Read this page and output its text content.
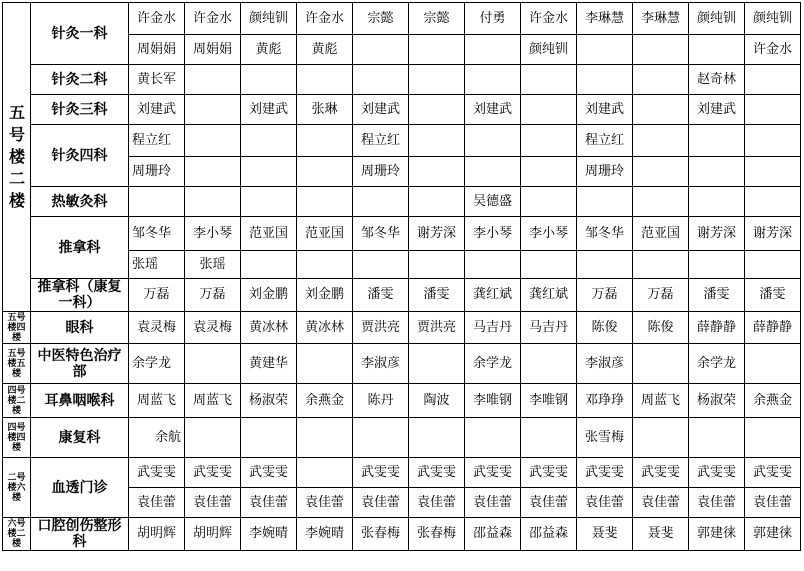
五号楼二楼	针灸一科	许金水	许金水	颜纯钏	许金水	宗懿	宗懿	付勇	许金水	李琳慧	李琳慧	颜纯钏	颜纯钏
		周娟娟	周娟娟	黄彪	黄彪				颜纯钏				许金水
	针灸二科	黄长军										赵奇林	
	针灸三科	刘建武		刘建武	张琳	刘建武		刘建武		刘建武		刘建武	
	针灸四科	程立红				程立红				程立红			
		周珊玲				周珊玲				周珊玲			
	热敏灸科							吴德盛					
	推拿科	邹冬华	李小琴	范亚国	范亚国	邹冬华	谢芳深	李小琴	李小琴	邹冬华	范亚国	谢芳深	谢芳深
		张瑶	张瑶										
	推拿科（康复一科）	万磊	万磊	刘金鹏	刘金鹏	潘雯	潘雯	龚红斌	龚红斌	万磊	万磊	潘雯	潘雯
五号楼四楼	眼科	袁灵梅	袁灵梅	黄冰林	黄冰林	贾洪亮	贾洪亮	马吉丹	马吉丹	陈俊	陈俊	薛静静	薛静静
五号楼五楼	中医特色治疗部	余学龙		黄建华		李淑彦		余学龙		李淑彦		余学龙	
四号楼二楼	耳鼻咽喉科	周蓝飞	周蓝飞	杨淑荣	余燕金	陈丹	陶波	李唯钢	李唯钢	邓琤琤	周蓝飞	杨淑荣	余燕金
四号楼四楼	康复科	余航								张雪梅			
二号楼六楼	血透门诊	武雯雯	武雯雯	武雯雯		武雯雯	武雯雯	武雯雯	武雯雯	武雯雯	武雯雯	武雯雯	武雯雯
		袁佳蕾	袁佳蕾	袁佳蕾	袁佳蕾	袁佳蕾	袁佳蕾	袁佳蕾	袁佳蕾	袁佳蕾	袁佳蕾	袁佳蕾	袁佳蕾
六号楼二楼	口腔创伤整形科	胡明辉	胡明辉	李婉晴	李婉晴	张春梅	张春梅	邵益森	邵益森	聂斐	聂斐	郭建徕	郭建徕
